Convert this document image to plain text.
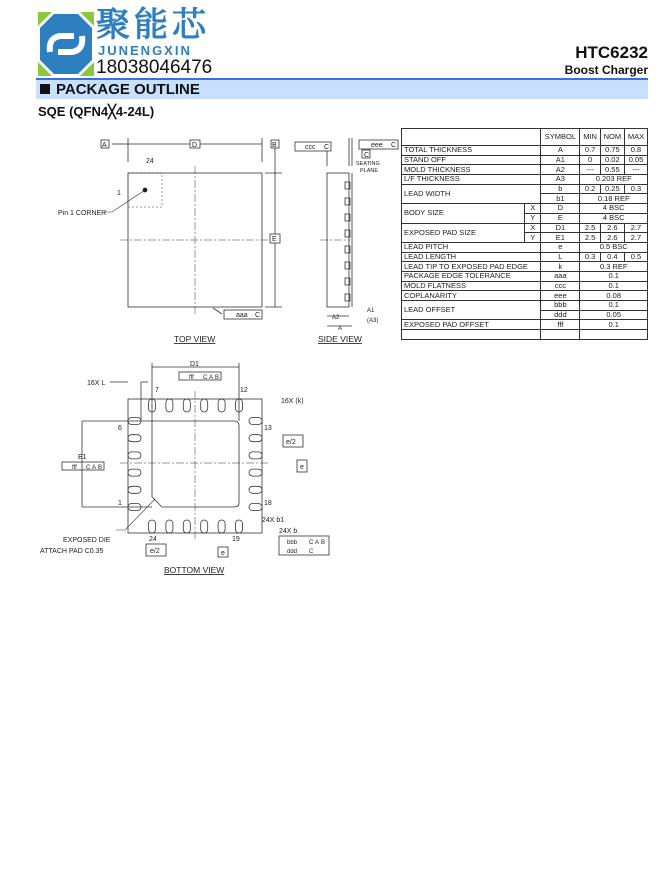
聚能芯
JUNENGXIN
18038046476
HTC6232
Boost Charger
PACKAGE OUTLINE
SQE (QFN4╳4-24L)
A	D	B
E
24
1
Pin 1 CORNER
aaa C
TOP VIEW
ccc C	eee C
C
SEATING
PLANE
A1
(A3)
A2
A
SIDE VIEW
D1
fff C A B
E1
fff C A B
16X L
16X (k)
7	12
6	13
1	18
24	19
e/2
e
e/2	e
24X b1
24X b
bbb
ddd
C A B
C
EXPOSED DIE
ATTACH PAD C0.35
BOTTOM VIEW
		SYMBOL	MIN	NOM	MAX
TOTAL THICKNESS		A	0.7	0.75	0.8
STAND OFF		A1	0	0.02	0.05
MOLD THICKNESS		A2	---	0.55	---
L/F THICKNESS		A3	0.203 REF		
LEAD WIDTH		b	0.2	0.25	0.3
		b1	0.18 REF		
BODY SIZE	X	D	4 BSC		
	Y	E	4 BSC		
EXPOSED PAD SIZE	X	D1	2.5	2.6	2.7
	Y	E1	2.5	2.6	2.7
LEAD PITCH		e	0.5 BSC		
LEAD LENGTH		L	0.3	0.4	0.5
LEAD TIP TO EXPOSED PAD EDGE		k	0.3 REF		
PACKAGE EDGE TOLERANCE		aaa	0.1		
MOLD FLATNESS		ccc	0.1		
COPLANARITY		eee	0.08		
LEAD OFFSET		bbb	0.1		
		ddd	0.05		
EXPOSED PAD OFFSET		fff	0.1		
